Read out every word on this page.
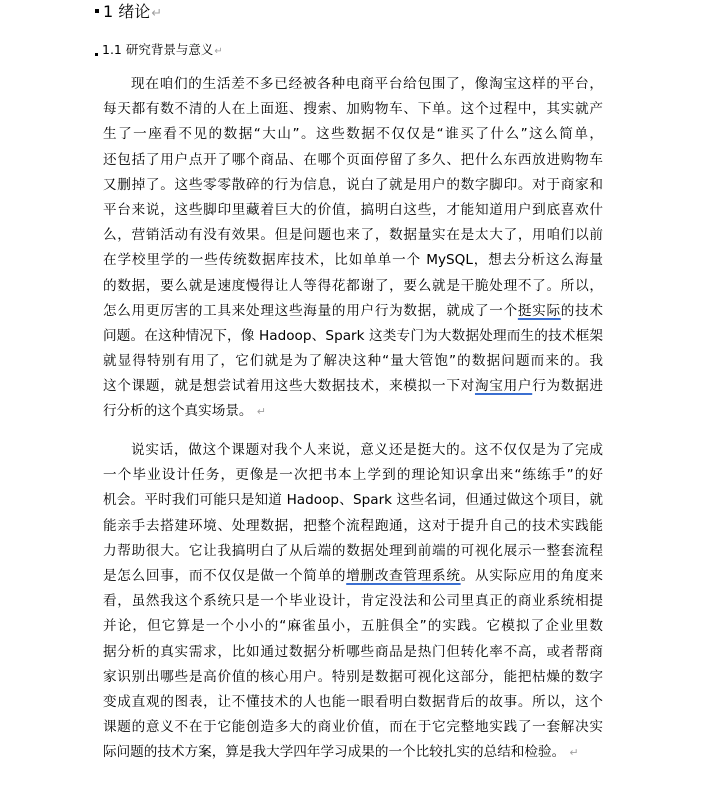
1 绪论↵
1.1 研究背景与意义↵
现在咱们的生活差不多已经被各种电商平台给包围了，像淘宝这样的平台，
每天都有数不清的人在上面逛、搜索、加购物车、下单。这个过程中，其实就产
生了一座看不见的数据“大山”。这些数据不仅仅是“谁买了什么”这么简单，
还包括了用户点开了哪个商品、在哪个页面停留了多久、把什么东西放进购物车
又删掉了。这些零零散碎的行为信息，说白了就是用户的数字脚印。对于商家和
平台来说，这些脚印里藏着巨大的价值，搞明白这些，才能知道用户到底喜欢什
么，营销活动有没有效果。但是问题也来了，数据量实在是太大了，用咱们以前
在学校里学的一些传统数据库技术，比如单单一个 MySQL，想去分析这么海量
的数据，要么就是速度慢得让人等得花都谢了，要么就是干脆处理不了。所以，
怎么用更厉害的工具来处理这些海量的用户行为数据，就成了一个挺实际的技术
问题。在这种情况下，像 Hadoop、Spark 这类专门为大数据处理而生的技术框架
就显得特别有用了，它们就是为了解决这种“量大管饱”的数据问题而来的。我
这个课题，就是想尝试着用这些大数据技术，来模拟一下对淘宝用户行为数据进
行分析的这个真实场景。 ↵
说实话，做这个课题对我个人来说，意义还是挺大的。这不仅仅是为了完成
一个毕业设计任务，更像是一次把书本上学到的理论知识拿出来“练练手”的好
机会。平时我们可能只是知道 Hadoop、Spark 这些名词，但通过做这个项目，就
能亲手去搭建环境、处理数据，把整个流程跑通，这对于提升自己的技术实践能
力帮助很大。它让我搞明白了从后端的数据处理到前端的可视化展示一整套流程
是怎么回事，而不仅仅是做一个简单的增删改查管理系统。从实际应用的角度来
看，虽然我这个系统只是一个毕业设计，肯定没法和公司里真正的商业系统相提
并论，但它算是一个小小的“麻雀虽小，五脏俱全”的实践。它模拟了企业里数
据分析的真实需求，比如通过数据分析哪些商品是热门但转化率不高，或者帮商
家识别出哪些是高价值的核心用户。特别是数据可视化这部分，能把枯燥的数字
变成直观的图表，让不懂技术的人也能一眼看明白数据背后的故事。所以，这个
课题的意义不在于它能创造多大的商业价值，而在于它完整地实践了一套解决实
际问题的技术方案，算是我大学四年学习成果的一个比较扎实的总结和检验。 ↵
